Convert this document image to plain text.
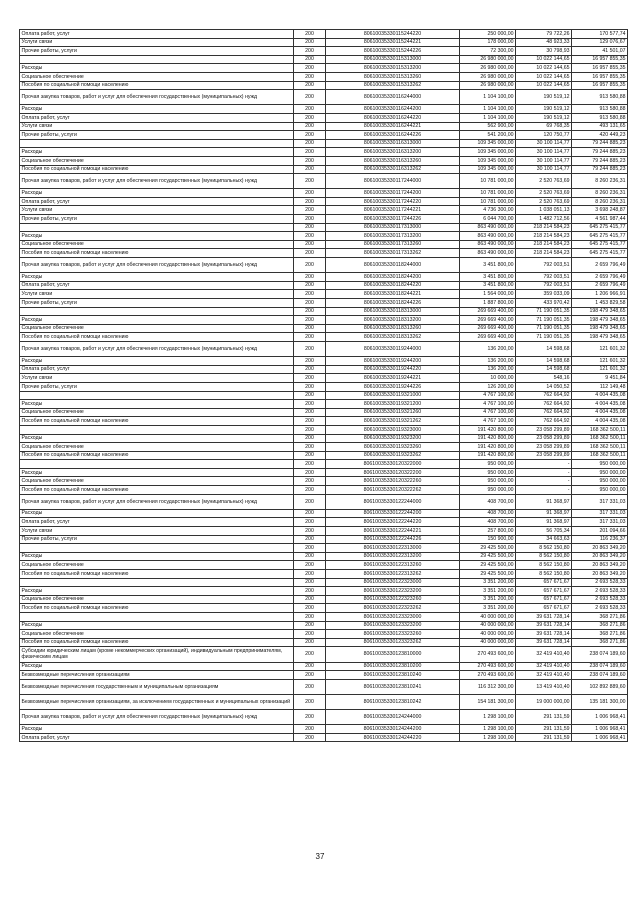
Оплата работ, услуг	200	80610035330115244220	250 000,00	79 722,26	170 577,74
Услуги связи	200	80610035330115244221	178 000,00	48 923,33	129 076,67
Прочие работы, услуги	200	80610035330115244226	72 300,00	30 798,93	41 501,07
	200	80610035330115313000	26 980 000,00	10 022 144,65	16 957 855,35
Расходы	200	80610035330115313200	26 980 000,00	10 022 144,65	16 957 855,35
Социальное обеспечение	200	80610035330115313260	26 980 000,00	10 022 144,65	16 957 855,35
Пособия по социальной помощи населению	200	80610035330115313262	26 980 000,00	10 022 144,65	16 957 855,35
Прочая закупка товаров, работ и услуг для обеспечения государственных (муниципальных) нужд	200	80610035330116244000	1 104 100,00	190 519,12	913 580,88
Расходы	200	80610035330116244200	1 104 100,00	190 519,12	913 580,88
Оплата работ, услуг	200	80610035330116244220	1 104 100,00	190 519,12	913 580,88
Услуги связи	200	80610035330116244221	562 900,00	69 768,35	493 131,65
Прочие работы, услуги	200	80610035330116244226	541 200,00	120 750,77	420 449,23
	200	80610035330116313000	109 345 000,00	30 100 114,77	79 244 885,23
Расходы	200	80610035330116313200	109 345 000,00	30 100 114,77	79 244 885,23
Социальное обеспечение	200	80610035330116313260	109 345 000,00	30 100 114,77	79 244 885,23
Пособия по социальной помощи населению	200	80610035330116313262	109 345 000,00	30 100 114,77	79 244 885,23
Прочая закупка товаров, работ и услуг для обеспечения государственных (муниципальных) нужд	200	80610035330117244000	10 781 000,00	2 520 763,69	8 260 236,31
Расходы	200	80610035330117244200	10 781 000,00	2 520 763,69	8 260 236,31
Оплата работ, услуг	200	80610035330117244220	10 781 000,00	2 520 763,69	8 260 236,31
Услуги связи	200	80610035330117244221	4 736 300,00	1 038 051,13	3 698 248,87
Прочие работы, услуги	200	80610035330117244226	6 044 700,00	1 482 712,56	4 561 987,44
	200	80610035330117313000	863 490 000,00	218 214 584,23	645 275 415,77
Расходы	200	80610035330117313200	863 490 000,00	218 214 584,23	645 275 415,77
Социальное обеспечение	200	80610035330117313260	863 490 000,00	218 214 584,23	645 275 415,77
Пособия по социальной помощи населению	200	80610035330117313262	863 490 000,00	218 214 584,23	645 275 415,77
Прочая закупка товаров, работ и услуг для обеспечения государственных (муниципальных) нужд	200	80610035330118244000	3 451 800,00	792 003,51	2 659 796,49
Расходы	200	80610035330118244200	3 451 800,00	792 003,51	2 659 796,49
Оплата работ, услуг	200	80610035330118244220	3 451 800,00	792 003,51	2 659 796,49
Услуги связи	200	80610035330118244221	1 564 000,00	359 033,09	1 206 966,91
Прочие работы, услуги	200	80610035330118244226	1 887 800,00	433 970,42	1 453 829,58
	200	80610035330118313000	269 669 400,00	71 190 051,35	198 479 348,65
Расходы	200	80610035330118313200	269 669 400,00	71 190 051,35	198 479 348,65
Социальное обеспечение	200	80610035330118313260	269 669 400,00	71 190 051,35	198 479 348,65
Пособия по социальной помощи населению	200	80610035330118313262	269 669 400,00	71 190 051,35	198 479 348,65
Прочая закупка товаров, работ и услуг для обеспечения государственных (муниципальных) нужд	200	80610035330119244000	136 200,00	14 598,68	121 601,32
Расходы	200	80610035330119244200	136 200,00	14 598,68	121 601,32
Оплата работ, услуг	200	80610035330119244220	136 200,00	14 598,68	121 601,32
Услуги связи	200	80610035330119244221	10 000,00	548,16	9 451,84
Прочие работы, услуги	200	80610035330119244226	126 200,00	14 050,52	112 149,48
	200	80610035330119321000	4 767 100,00	762 664,92	4 004 435,08
Расходы	200	80610035330119321200	4 767 100,00	762 664,92	4 004 435,08
Социальное обеспечение	200	80610035330119321260	4 767 100,00	762 664,92	4 004 435,08
Пособия по социальной помощи населению	200	80610035330119321262	4 767 100,00	762 664,92	4 004 435,08
	200	80610035330119323000	191 420 800,00	23 058 299,89	168 362 500,11
Расходы	200	80610035330119323200	191 420 800,00	23 058 299,89	168 362 500,11
Социальное обеспечение	200	80610035330119323260	191 420 800,00	23 058 299,89	168 362 500,11
Пособия по социальной помощи населению	200	80610035330119323262	191 420 800,00	23 058 299,89	168 362 500,11
	200	80610035330120322000	950 000,00	-	950 000,00
Расходы	200	80610035330120322200	950 000,00	-	950 000,00
Социальное обеспечение	200	80610035330120322260	950 000,00	-	950 000,00
Пособия по социальной помощи населению	200	80610035330120322262	950 000,00	-	950 000,00
Прочая закупка товаров, работ и услуг для обеспечения государственных (муниципальных) нужд	200	80610035330122244000	408 700,00	91 368,97	317 331,03
Расходы	200	80610035330122244200	408 700,00	91 368,97	317 331,03
Оплата работ, услуг	200	80610035330122244220	408 700,00	91 368,97	317 331,03
Услуги связи	200	80610035330122244221	257 800,00	56 705,34	201 094,66
Прочие работы, услуги	200	80610035330122244226	150 900,00	34 663,63	116 236,37
	200	80610035330122313000	29 425 500,00	8 562 150,80	20 863 349,20
Расходы	200	80610035330122313200	29 425 500,00	8 562 150,80	20 863 349,20
Социальное обеспечение	200	80610035330122313260	29 425 500,00	8 562 150,80	20 863 349,20
Пособия по социальной помощи населению	200	80610035330122313262	29 425 500,00	8 562 150,80	20 863 349,20
	200	80610035330122323000	3 351 200,00	657 671,67	2 693 528,33
Расходы	200	80610035330122323200	3 351 200,00	657 671,67	2 693 528,33
Социальное обеспечение	200	80610035330122323260	3 351 200,00	657 671,67	2 693 528,33
Пособия по социальной помощи населению	200	80610035330122323262	3 351 200,00	657 671,67	2 693 528,33
	200	80610035330123323000	40 000 000,00	39 631 728,14	368 271,86
Расходы	200	80610035330123323200	40 000 000,00	39 631 728,14	368 271,86
Социальное обеспечение	200	80610035330123323260	40 000 000,00	39 631 728,14	368 271,86
Пособия по социальной помощи населению	200	80610035330123323262	40 000 000,00	39 631 728,14	368 271,86
Субсидии юридическим лицам (кроме некоммерческих организаций), индивидуальным предпринимателям, физическим лицам	200	80610035330123810000	270 493 600,00	32 419 410,40	238 074 189,60
Расходы	200	80610035330123810200	270 493 600,00	32 419 410,40	238 074 189,60
Безвозмездные перечисления организациям	200	80610035330123810240	270 493 600,00	32 419 410,40	238 074 189,60
Безвозмездные перечисления государственным и муниципальным организациям	200	80610035330123810241	116 312 300,00	13 419 410,40	102 892 889,60
Безвозмездные перечисления организациям, за исключением государственных и муниципальных организаций	200	80610035330123810242	154 181 300,00	19 000 000,00	135 181 300,00
Прочая закупка товаров, работ и услуг для обеспечения государственных (муниципальных) нужд	200	80610035330124244000	1 298 100,00	291 131,59	1 006 968,41
Расходы	200	80610035330124244200	1 298 100,00	291 131,59	1 006 968,41
Оплата работ, услуг	200	80610035330124244220	1 298 100,00	291 131,59	1 006 968,41
37
